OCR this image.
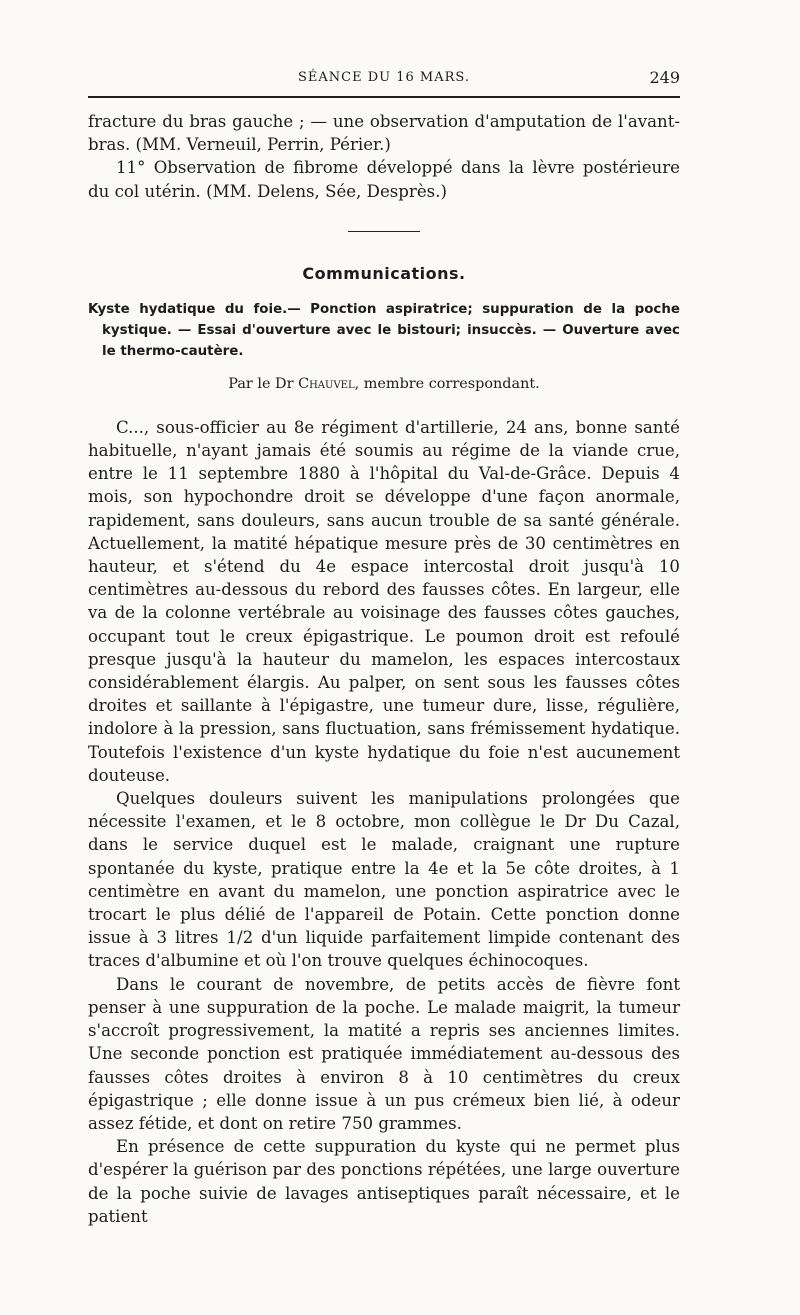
SÉANCE DU 16 MARS.	249

fracture du bras gauche ; — une observation d'amputation de l'avant-bras. (MM. Verneuil, Perrin, Périer.)

11° Observation de fibrome développé dans la lèvre postérieure du col utérin. (MM. Delens, Sée, Desprès.)

Communications.
Kyste hydatique du foie.— Ponction aspiratrice; suppuration de la poche kystique. — Essai d'ouverture avec le bistouri; insuccès. — Ouverture avec le thermo-cautère.
Par le Dr Chauvel, membre correspondant.

C..., sous-officier au 8e régiment d'artillerie, 24 ans, bonne santé habituelle, n'ayant jamais été soumis au régime de la viande crue, entre le 11 septembre 1880 à l'hôpital du Val-de-Grâce. Depuis 4 mois, son hypochondre droit se développe d'une façon anormale, rapidement, sans douleurs, sans aucun trouble de sa santé générale. Actuellement, la matité hépatique mesure près de 30 centimètres en hauteur, et s'étend du 4e espace intercostal droit jusqu'à 10 centimètres au-dessous du rebord des fausses côtes. En largeur, elle va de la colonne vertébrale au voisinage des fausses côtes gauches, occupant tout le creux épigastrique. Le poumon droit est refoulé presque jusqu'à la hauteur du mamelon, les espaces intercostaux considérablement élargis. Au palper, on sent sous les fausses côtes droites et saillante à l'épigastre, une tumeur dure, lisse, régulière, indolore à la pression, sans fluctuation, sans frémissement hydatique. Toutefois l'existence d'un kyste hydatique du foie n'est aucunement douteuse.

Quelques douleurs suivent les manipulations prolongées que nécessite l'examen, et le 8 octobre, mon collègue le Dr Du Cazal, dans le service duquel est le malade, craignant une rupture spontanée du kyste, pratique entre la 4e et la 5e côte droites, à 1 centimètre en avant du mamelon, une ponction aspiratrice avec le trocart le plus délié de l'appareil de Potain. Cette ponction donne issue à 3 litres 1/2 d'un liquide parfaitement limpide contenant des traces d'albumine et où l'on trouve quelques échinocoques.

Dans le courant de novembre, de petits accès de fièvre font penser à une suppuration de la poche. Le malade maigrit, la tumeur s'accroît progressivement, la matité a repris ses anciennes limites. Une seconde ponction est pratiquée immédiatement au-dessous des fausses côtes droites à environ 8 à 10 centimètres du creux épigastrique ; elle donne issue à un pus crémeux bien lié, à odeur assez fétide, et dont on retire 750 grammes.

En présence de cette suppuration du kyste qui ne permet plus d'espérer la guérison par des ponctions répétées, une large ouverture de la poche suivie de lavages antiseptiques paraît nécessaire, et le patient
